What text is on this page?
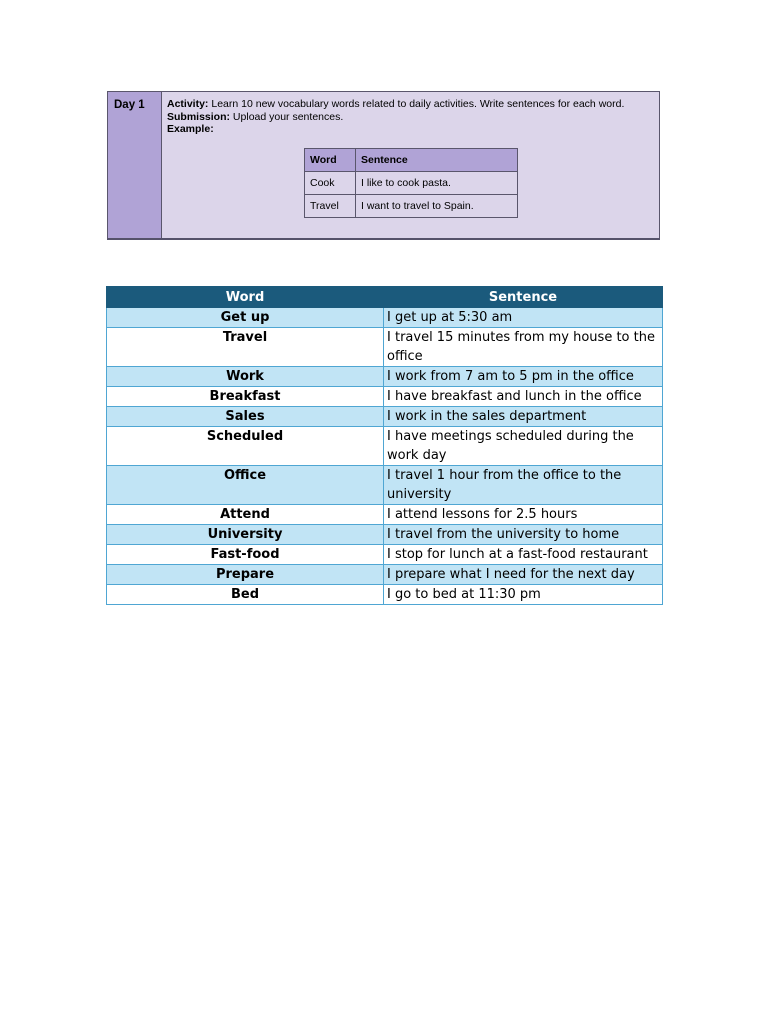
Day 1 Activity: Learn 10 new vocabulary words related to daily activities. Write sentences for each word.
Submission: Upload your sentences.
Example:
Word	Sentence
Cook	I like to cook pasta.
Travel	I want to travel to Spain.
Word	Sentence
Get up	I get up at 5:30 am
Travel	I travel 15 minutes from my house to the office
Work	I work from 7 am to 5 pm in the office
Breakfast	I have breakfast and lunch in the office
Sales	I work in the sales department
Scheduled	I have meetings scheduled during the work day
Office	I travel 1 hour from the office to the university
Attend	I attend lessons for 2.5 hours
University	I travel from the university to home
Fast-food	I stop for lunch at a fast-food restaurant
Prepare	I prepare what I need for the next day
Bed	I go to bed at 11:30 pm
